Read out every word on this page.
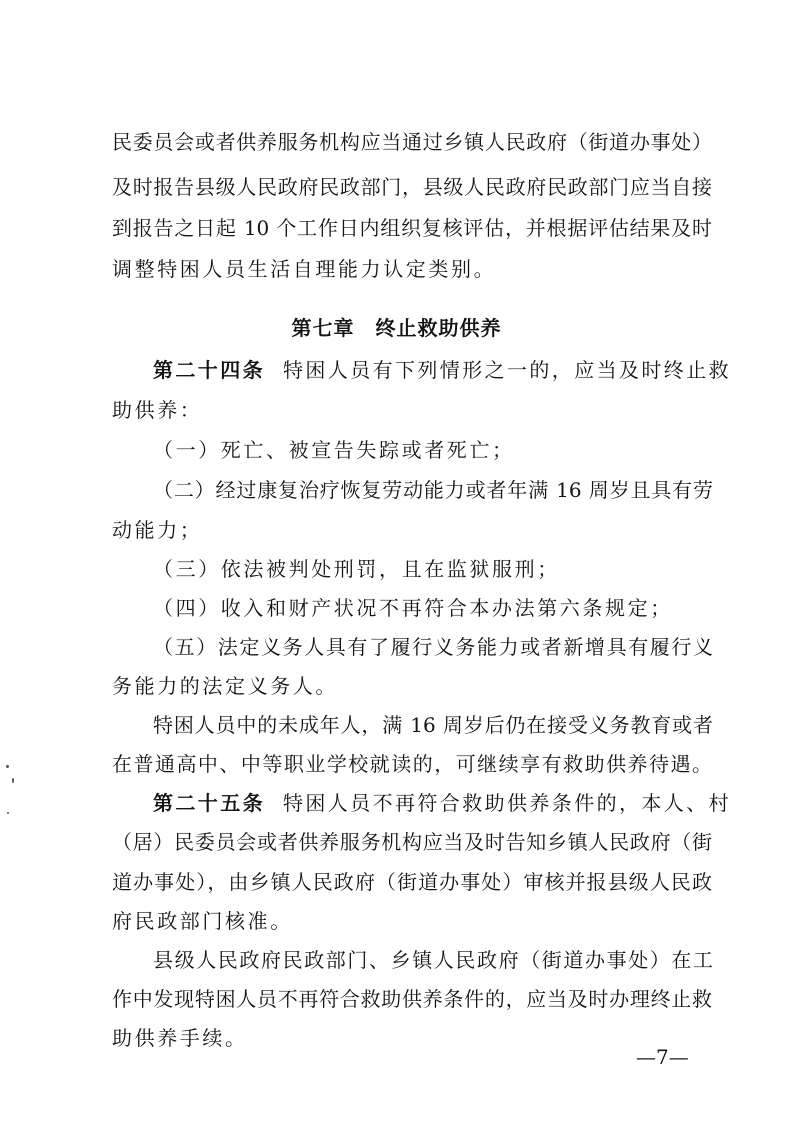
民委员会或者供养服务机构应当通过乡镇人民政府（街道办事处）
及时报告县级人民政府民政部门，县级人民政府民政部门应当自接
到报告之日起 10 个工作日内组织复核评估，并根据评估结果及时
调整特困人员生活自理能力认定类别。
第七章　终止救助供养
第二十四条 特困人员有下列情形之一的，应当及时终止救
助供养：
（一）死亡、被宣告失踪或者死亡；
（二）经过康复治疗恢复劳动能力或者年满 16 周岁且具有劳
动能力；
（三）依法被判处刑罚，且在监狱服刑；
（四）收入和财产状况不再符合本办法第六条规定；
（五）法定义务人具有了履行义务能力或者新增具有履行义
务能力的法定义务人。
特困人员中的未成年人，满 16 周岁后仍在接受义务教育或者
在普通高中、中等职业学校就读的，可继续享有救助供养待遇。
第二十五条 特困人员不再符合救助供养条件的，本人、村
（居）民委员会或者供养服务机构应当及时告知乡镇人民政府（街
道办事处），由乡镇人民政府（街道办事处）审核并报县级人民政
府民政部门核准。
县级人民政府民政部门、乡镇人民政府（街道办事处）在工
作中发现特困人员不再符合救助供养条件的，应当及时办理终止救
助供养手续。
—7—
